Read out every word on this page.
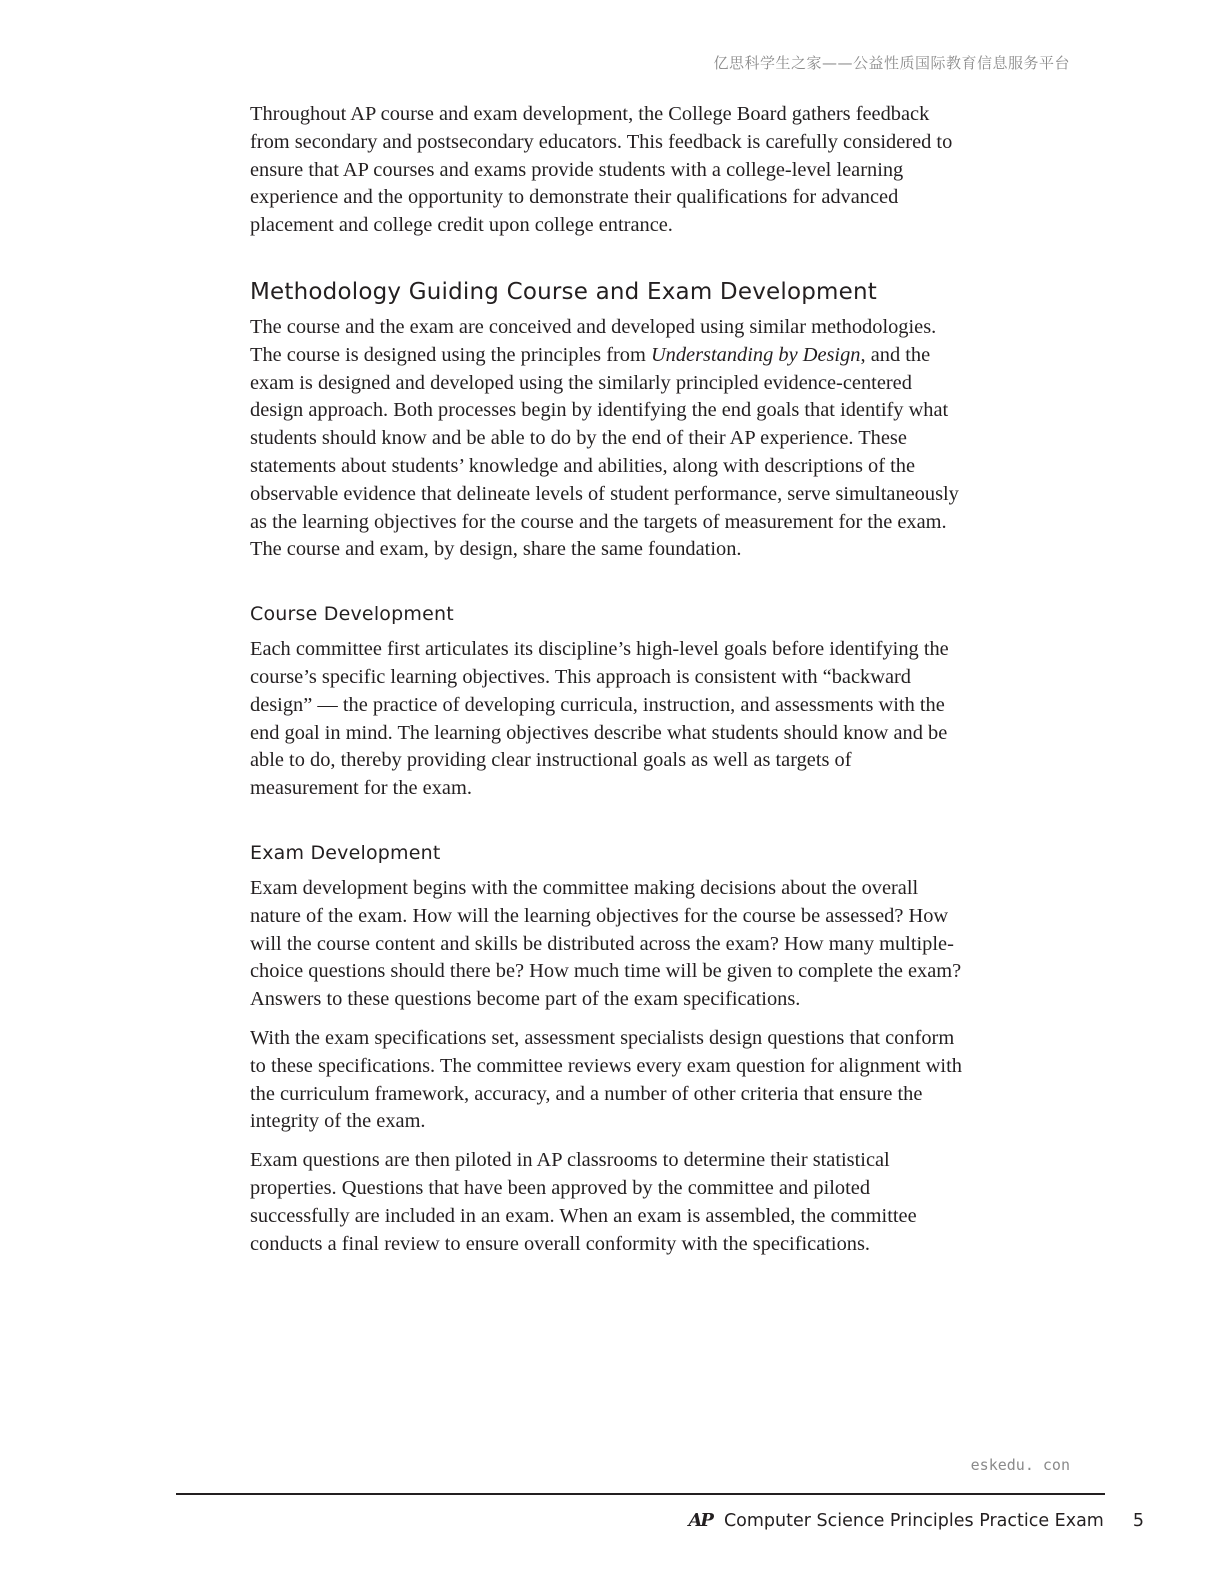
亿思科学生之家——公益性质国际教育信息服务平台

Throughout AP course and exam development, the College Board gathers feedback from secondary and postsecondary educators. This feedback is carefully considered to ensure that AP courses and exams provide students with a college-level learning experience and the opportunity to demonstrate their qualifications for advanced placement and college credit upon college entrance.

Methodology Guiding Course and Exam Development

The course and the exam are conceived and developed using similar methodologies. The course is designed using the principles from Understanding by Design, and the exam is designed and developed using the similarly principled evidence-centered design approach. Both processes begin by identifying the end goals that identify what students should know and be able to do by the end of their AP experience. These statements about students’ knowledge and abilities, along with descriptions of the observable evidence that delineate levels of student performance, serve simultaneously as the learning objectives for the course and the targets of measurement for the exam. The course and exam, by design, share the same foundation.

Course Development

Each committee first articulates its discipline’s high-level goals before identifying the course’s specific learning objectives. This approach is consistent with “backward design” — the practice of developing curricula, instruction, and assessments with the end goal in mind. The learning objectives describe what students should know and be able to do, thereby providing clear instructional goals as well as targets of measurement for the exam.

Exam Development

Exam development begins with the committee making decisions about the overall nature of the exam. How will the learning objectives for the course be assessed? How will the course content and skills be distributed across the exam? How many multiple-choice questions should there be? How much time will be given to complete the exam? Answers to these questions become part of the exam specifications.

With the exam specifications set, assessment specialists design questions that conform to these specifications. The committee reviews every exam question for alignment with the curriculum framework, accuracy, and a number of other criteria that ensure the integrity of the exam.

Exam questions are then piloted in AP classrooms to determine their statistical properties. Questions that have been approved by the committee and piloted successfully are included in an exam. When an exam is assembled, the committee conducts a final review to ensure overall conformity with the specifications.

eskedu. con
AP Computer Science Principles Practice Exam 5
